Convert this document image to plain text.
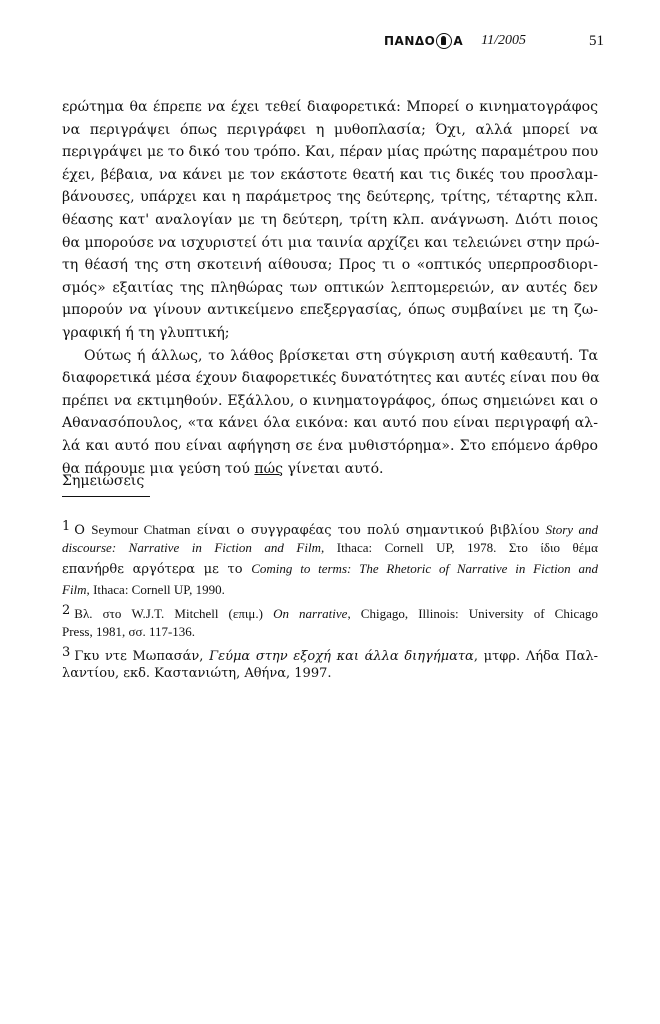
ΠΑΝΔΟ Α 11/2005	51
ερώτημα θα έπρεπε να έχει τεθεί διαφορετικά: Μπορεί ο κινηματογράφος
να περιγράψει όπως περιγράφει η μυθοπλασία; Όχι, αλλά μπορεί να
περιγράψει με το δικό του τρόπο. Και, πέραν μίας πρώτης παραμέτρου που
έχει, βέβαια, να κάνει με τον εκάστοτε θεατή και τις δικές του προσλαμ-
βάνουσες, υπάρχει και η παράμετρος της δεύτερης, τρίτης, τέταρτης κλπ.
θέασης κατ' αναλογίαν με τη δεύτερη, τρίτη κλπ. ανάγνωση. Διότι ποιος
θα μπορούσε να ισχυριστεί ότι μια ταινία αρχίζει και τελειώνει στην πρώ-
τη θέασή της στη σκοτεινή αίθουσα; Προς τι ο «οπτικός υπερπροσδιορι-
σμός» εξαιτίας της πληθώρας των οπτικών λεπτομερειών, αν αυτές δεν
μπορούν να γίνουν αντικείμενο επεξεργασίας, όπως συμβαίνει με τη ζω-
γραφική ή τη γλυπτική;
Ούτως ή άλλως, το λάθος βρίσκεται στη σύγκριση αυτή καθεαυτή. Τα
διαφορετικά μέσα έχουν διαφορετικές δυνατότητες και αυτές είναι που θα
πρέπει να εκτιμηθούν. Εξάλλου, ο κινηματογράφος, όπως σημειώνει και ο
Αθανασόπουλος, «τα κάνει όλα εικόνα: και αυτό που είναι περιγραφή αλ-
λά και αυτό που είναι αφήγηση σε ένα μυθιστόρημα». Στο επόμενο άρθρο
θα πάρουμε μια γεύση τού πώς γίνεται αυτό.
Σημειώσεις
1 Ο Seymour Chatman είναι ο συγγραφέας του πολύ σημαντικού βιβλίου Story and
discourse: Narrative in Fiction and Film, Ithaca: Cornell UP, 1978. Στο ίδιο θέμα
επανήρθε αργότερα με το Coming to terms: The Rhetoric of Narrative in Fiction and
Film, Ithaca: Cornell UP, 1990.
2 Βλ. στο W.J.T. Mitchell (επιμ.) On narrative, Chigago, Illinois: University of Chicago
Press, 1981, σσ. 117-136.
3 Γκυ ντε Μωπασάν, Γεύμα στην εξοχή και άλλα διηγήματα, μτφρ. Λήδα Παλ-
λαντίου, εκδ. Καστανιώτη, Αθήνα, 1997.
